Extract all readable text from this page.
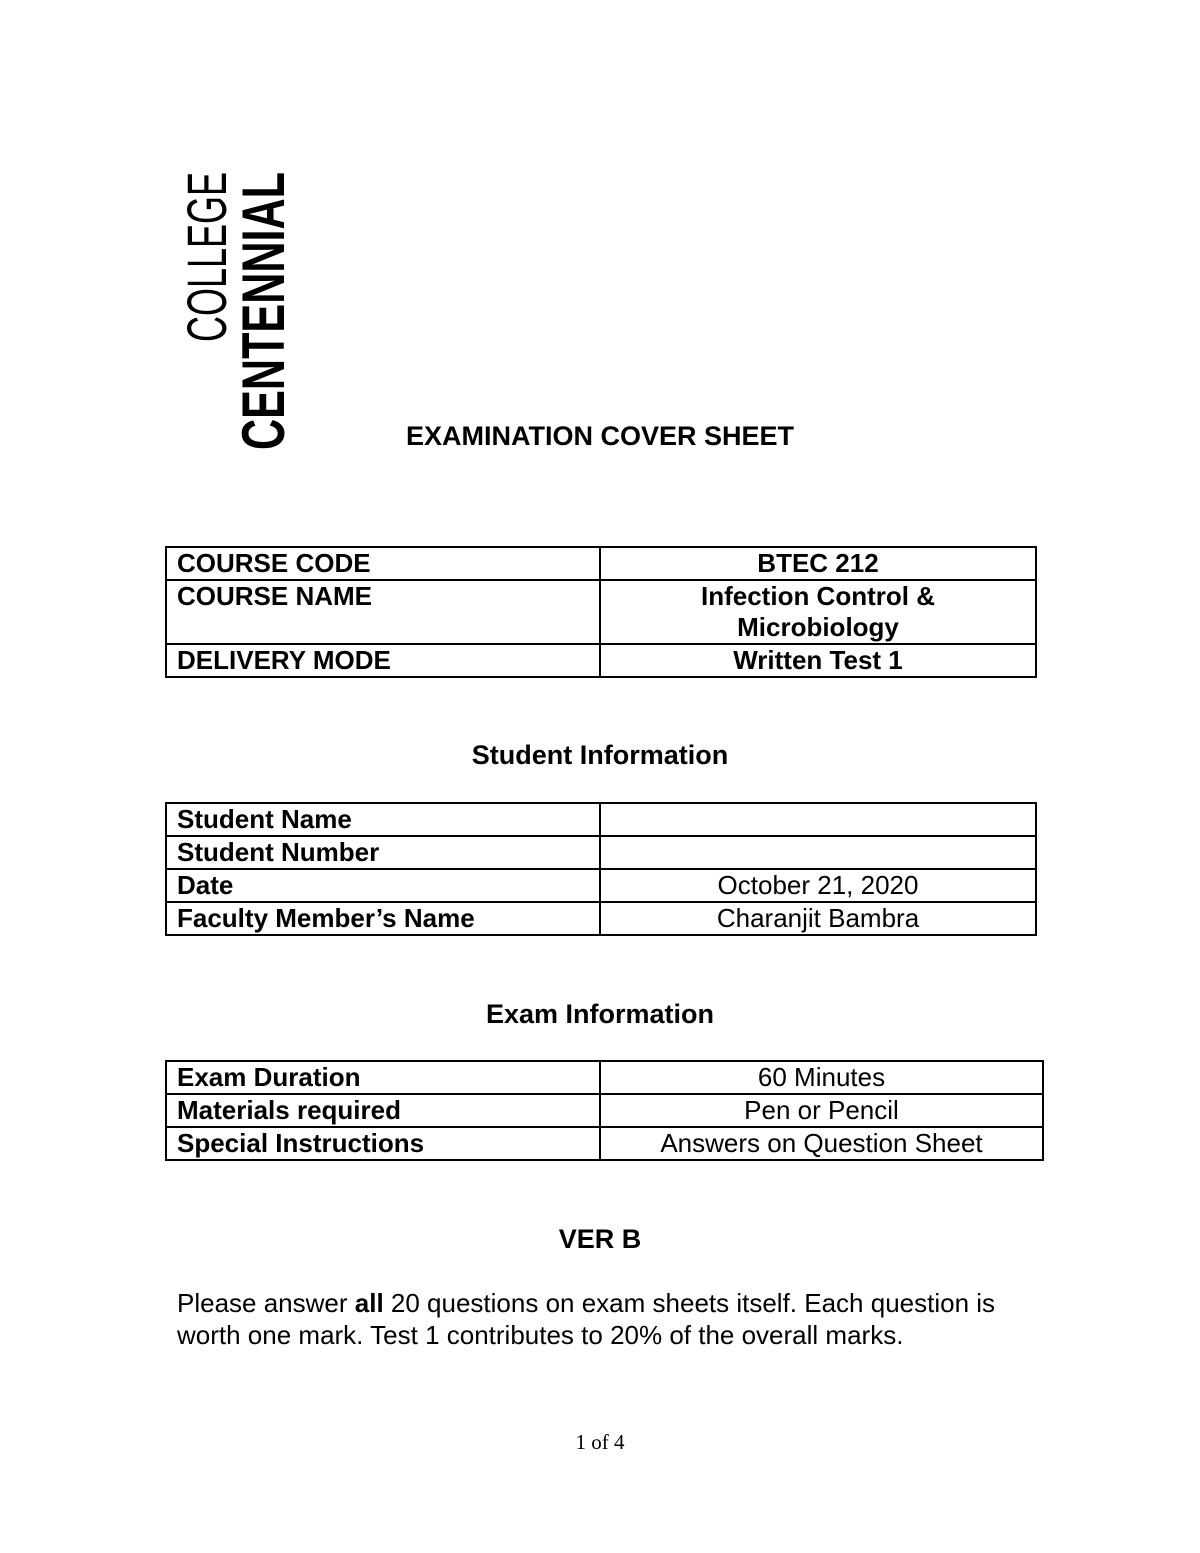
CENTENNIAL
COLLEGE
EXAMINATION COVER SHEET
COURSE CODE	BTEC 212
COURSE NAME	Infection Control &
Microbiology

DELIVERY MODE	Written Test 1
Student Information
Student Name	
Student Number	
Date	October 21, 2020
Faculty Member’s Name	Charanjit Bambra
Exam Information
Exam Duration	60 Minutes
Materials required	Pen or Pencil
Special Instructions	Answers on Question Sheet
VER B
Please answer all 20 questions on exam sheets itself. Each question is worth one mark. Test 1 contributes to 20% of the overall marks.
1 of 4
